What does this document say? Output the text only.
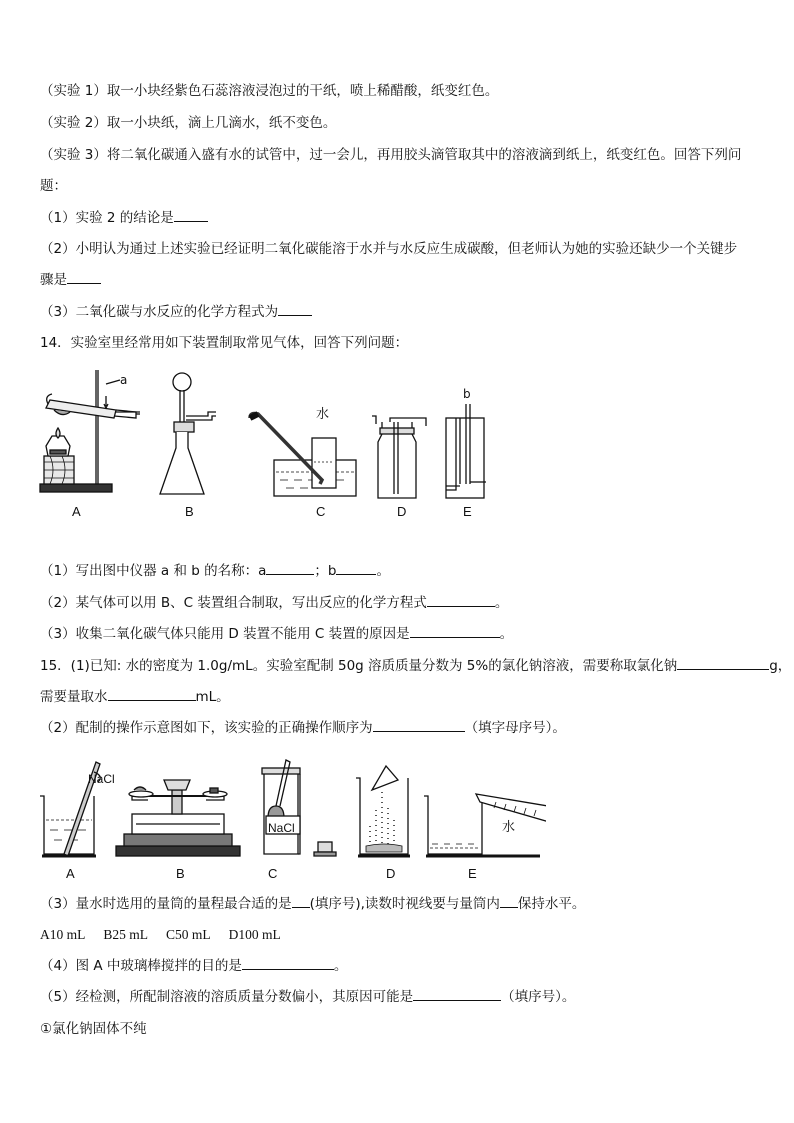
（实验 1）取一小块经紫色石蕊溶液浸泡过的干纸，喷上稀醋酸，纸变红色。
（实验 2）取一小块纸，滴上几滴水，纸不变色。
（实验 3）将二氧化碳通入盛有水的试管中，过一会儿，再用胶头滴管取其中的溶液滴到纸上，纸变红色。回答下列问
题：
（1）实验 2 的结论是
（2）小明认为通过上述实验已经证明二氧化碳能溶于水并与水反应生成碳酸，但老师认为她的实验还缺少一个关键步
骤是
（3）二氧化碳与水反应的化学方程式为
14．实验室里经常用如下装置制取常见气体，回答下列问题：
a
水
b
A	B	C	D	E
（1）写出图中仪器 a 和 b 的名称：a	；b	。
（2）某气体可以用 B、C 装置组合制取，写出反应的化学方程式	。
（3）收集二氧化碳气体只能用 D 装置不能用 C 装置的原因是	。
15．(1)已知: 水的密度为 1.0g/mL。实验室配制 50g 溶质质量分数为 5%的氯化钠溶液，需要称取氯化钠	g，
需要量取水	mL。
（2）配制的操作示意图如下，该实验的正确操作顺序为	（填字母序号）。
NaCl
NaCl	水
A	B	C	D	E
（3）量水时选用的量筒的量程最合适的是 (填序号),读数时视线要与量筒内 保持水平。
A10 mL B25 mL C50 mL D100 mL
（4）图 A 中玻璃棒搅拌的目的是	。
（5）经检测，所配制溶液的溶质质量分数偏小，其原因可能是	（填序号）。
①氯化钠固体不纯
